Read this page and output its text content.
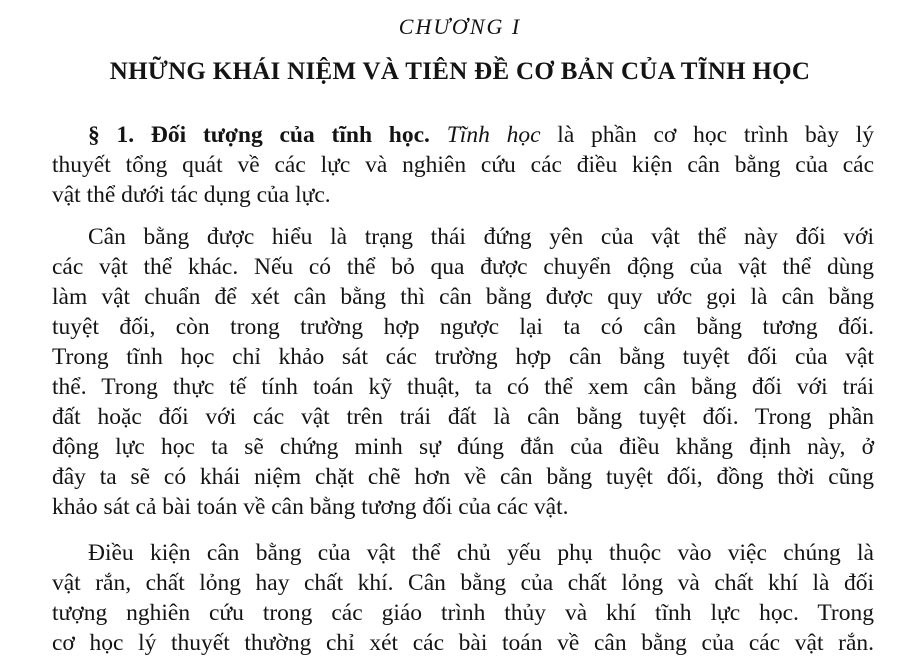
CHƯƠNG I
NHỮNG KHÁI NIỆM VÀ TIÊN ĐỀ CƠ BẢN CỦA TĨNH HỌC
§ 1. Đối tượng của tĩnh học. Tĩnh học là phần cơ học trình bày lý
thuyết tổng quát về các lực và nghiên cứu các điều kiện cân bằng của các
vật thể dưới tác dụng của lực.
Cân bằng được hiểu là trạng thái đứng yên của vật thể này đối với
các vật thể khác. Nếu có thể bỏ qua được chuyển động của vật thể dùng
làm vật chuẩn để xét cân bằng thì cân bằng được quy ước gọi là cân bằng
tuyệt đối, còn trong trường hợp ngược lại ta có cân bằng tương đối.
Trong tĩnh học chỉ khảo sát các trường hợp cân bằng tuyệt đối của vật
thể. Trong thực tế tính toán kỹ thuật, ta có thể xem cân bằng đối với trái
đất hoặc đối với các vật trên trái đất là cân bằng tuyệt đối. Trong phần
động lực học ta sẽ chứng minh sự đúng đắn của điều khẳng định này, ở
đây ta sẽ có khái niệm chặt chẽ hơn về cân bằng tuyệt đối, đồng thời cũng
khảo sát cả bài toán về cân bằng tương đối của các vật.
Điều kiện cân bằng của vật thể chủ yếu phụ thuộc vào việc chúng là
vật rắn, chất lỏng hay chất khí. Cân bằng của chất lỏng và chất khí là đối
tượng nghiên cứu trong các giáo trình thủy và khí tĩnh lực học. Trong
cơ học lý thuyết thường chỉ xét các bài toán về cân bằng của các vật rắn.
